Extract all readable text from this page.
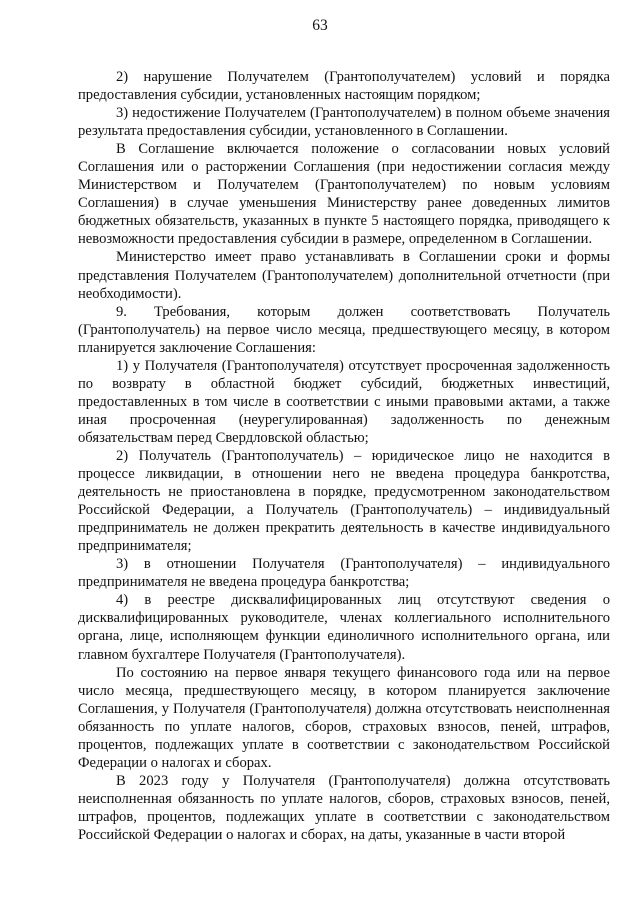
63

2) нарушение Получателем (Грантополучателем) условий и порядка предоставления субсидии, установленных настоящим порядком;

3) недостижение Получателем (Грантополучателем) в полном объеме значения результата предоставления субсидии, установленного в Соглашении.

В Соглашение включается положение о согласовании новых условий Соглашения или о расторжении Соглашения (при недостижении согласия между Министерством и Получателем (Грантополучателем) по новым условиям Соглашения) в случае уменьшения Министерству ранее доведенных лимитов бюджетных обязательств, указанных в пункте 5 настоящего порядка, приводящего к невозможности предоставления субсидии в размере, определенном в Соглашении.

Министерство имеет право устанавливать в Соглашении сроки и формы представления Получателем (Грантополучателем) дополнительной отчетности (при необходимости).

9. Требования, которым должен соответствовать Получатель (Грантополучатель) на первое число месяца, предшествующего месяцу, в котором планируется заключение Соглашения:

1) у Получателя (Грантополучателя) отсутствует просроченная задолженность по возврату в областной бюджет субсидий, бюджетных инвестиций, предоставленных в том числе в соответствии с иными правовыми актами, а также иная просроченная (неурегулированная) задолженность по денежным обязательствам перед Свердловской областью;

2) Получатель (Грантополучатель) – юридическое лицо не находится в процессе ликвидации, в отношении него не введена процедура банкротства, деятельность не приостановлена в порядке, предусмотренном законодательством Российской Федерации, а Получатель (Грантополучатель) – индивидуальный предприниматель не должен прекратить деятельность в качестве индивидуального предпринимателя;

3) в отношении Получателя (Грантополучателя) – индивидуального предпринимателя не введена процедура банкротства;

4) в реестре дисквалифицированных лиц отсутствуют сведения о дисквалифицированных руководителе, членах коллегиального исполнительного органа, лице, исполняющем функции единоличного исполнительного органа, или главном бухгалтере Получателя (Грантополучателя).

По состоянию на первое января текущего финансового года или на первое число месяца, предшествующего месяцу, в котором планируется заключение Соглашения, у Получателя (Грантополучателя) должна отсутствовать неисполненная обязанность по уплате налогов, сборов, страховых взносов, пеней, штрафов, процентов, подлежащих уплате в соответствии с законодательством Российской Федерации о налогах и сборах.

В 2023 году у Получателя (Грантополучателя) должна отсутствовать неисполненная обязанность по уплате налогов, сборов, страховых взносов, пеней, штрафов, процентов, подлежащих уплате в соответствии с законодательством Российской Федерации о налогах и сборах, на даты, указанные в части второй
